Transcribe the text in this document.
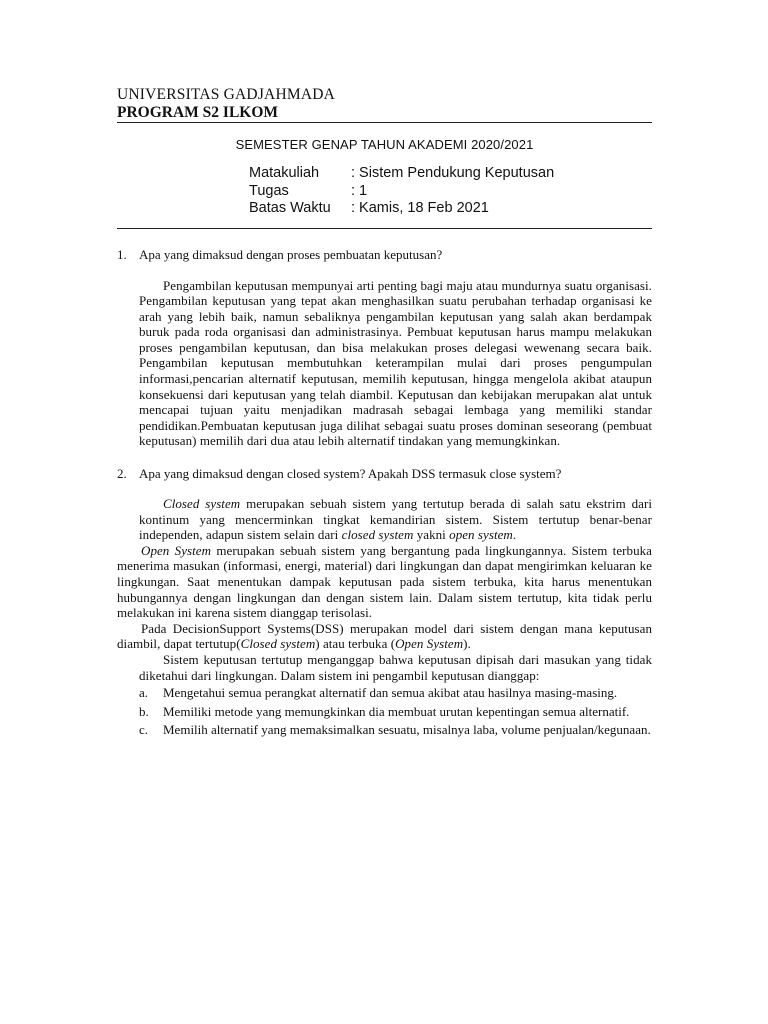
UNIVERSITAS GADJAHMADA
PROGRAM S2 ILKOM
SEMESTER GENAP TAHUN AKADEMI 2020/2021
Matakuliah	: Sistem Pendukung Keputusan
Tugas	: 1
Batas Waktu	: Kamis, 18 Feb 2021
1. Apa yang dimaksud dengan proses pembuatan keputusan?

Pengambilan keputusan mempunyai arti penting bagi maju atau mundurnya suatu organisasi. Pengambilan keputusan yang tepat akan menghasilkan suatu perubahan terhadap organisasi ke arah yang lebih baik, namun sebaliknya pengambilan keputusan yang salah akan berdampak buruk pada roda organisasi dan administrasinya. Pembuat keputusan harus mampu melakukan proses pengambilan keputusan, dan bisa melakukan proses delegasi wewenang secara baik. Pengambilan keputusan membutuhkan keterampilan mulai dari proses pengumpulan informasi,pencarian alternatif keputusan, memilih keputusan, hingga mengelola akibat ataupun konsekuensi dari keputusan yang telah diambil. Keputusan dan kebijakan merupakan alat untuk mencapai tujuan yaitu menjadikan madrasah sebagai lembaga yang memiliki standar pendidikan.Pembuatan keputusan juga dilihat sebagai suatu proses dominan seseorang (pembuat keputusan) memilih dari dua atau lebih alternatif tindakan yang memungkinkan.

2. Apa yang dimaksud dengan closed system? Apakah DSS termasuk close system?

Closed system merupakan sebuah sistem yang tertutup berada di salah satu ekstrim dari kontinum yang mencerminkan tingkat kemandirian sistem. Sistem tertutup benar-benar independen, adapun sistem selain dari closed system yakni open system.

Open System merupakan sebuah sistem yang bergantung pada lingkungannya. Sistem terbuka menerima masukan (informasi, energi, material) dari lingkungan dan dapat mengirimkan keluaran ke lingkungan. Saat menentukan dampak keputusan pada sistem terbuka, kita harus menentukan hubungannya dengan lingkungan dan dengan sistem lain. Dalam sistem tertutup, kita tidak perlu melakukan ini karena sistem dianggap terisolasi.

Pada DecisionSupport Systems(DSS) merupakan model dari sistem dengan mana keputusan diambil, dapat tertutup(Closed system) atau terbuka (Open System).

Sistem keputusan tertutup menganggap bahwa keputusan dipisah dari masukan yang tidak diketahui dari lingkungan. Dalam sistem ini pengambil keputusan dianggap:

a.	Mengetahui semua perangkat alternatif dan semua akibat atau hasilnya masing-masing.
b.	Memiliki metode yang memungkinkan dia membuat urutan kepentingan semua alternatif.
c.	Memilih alternatif yang memaksimalkan sesuatu, misalnya laba, volume penjualan/kegunaan.
